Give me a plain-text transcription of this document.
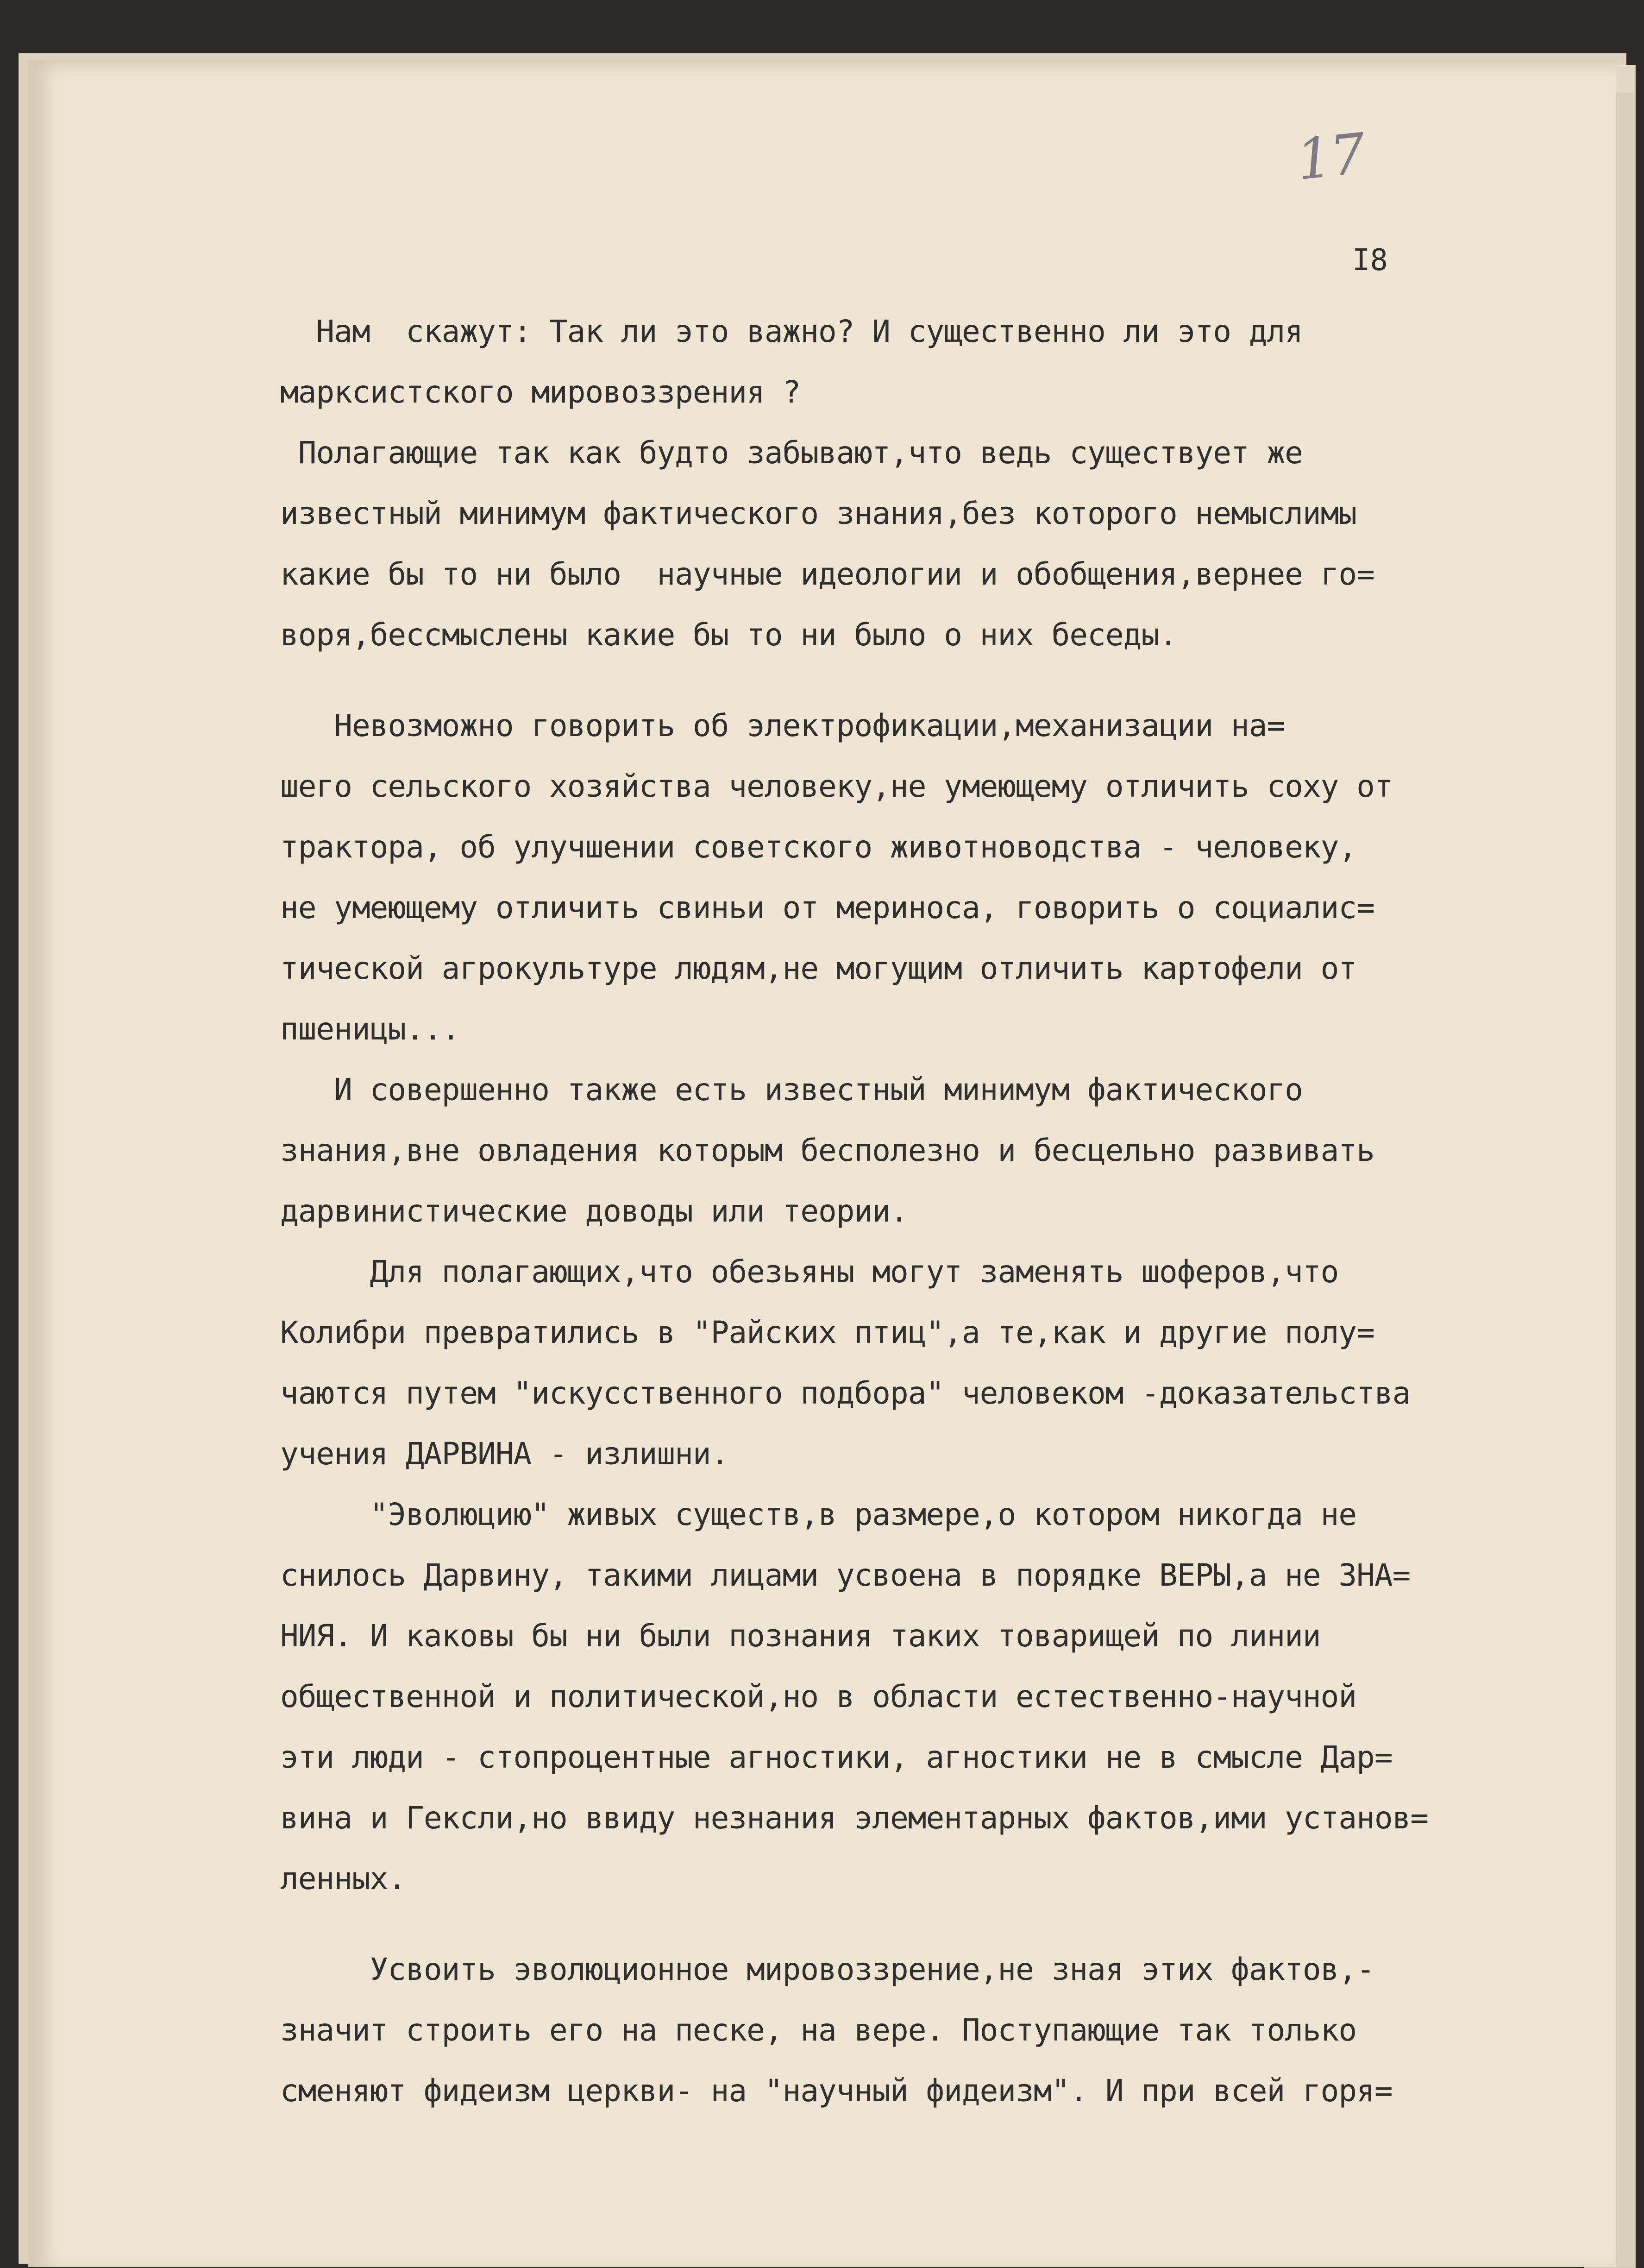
17
I8
Нам  скажут: Так ли это важно? И существенно ли это для
марксистского мировоззрения ?
Полагающие так как будто забывают,что ведь существует же
известный минимум фактического знания,без которого немыслимы
какие бы то ни было  научные идеологии и обобщения,вернее го=
воря,бессмыслены какие бы то ни было о них беседы.
Невозможно говорить об электрофикации,механизации на=
шего сельского хозяйства человеку,не умеющему отличить соху от
трактора, об улучшении советского животноводства - человеку,
не умеющему отличить свиньи от мериноса, говорить о социалис=
тической агрокультуре людям,не могущим отличить картофели от
пшеницы...
И совершенно также есть известный минимум фактического
знания,вне овладения которым бесполезно и бесцельно развивать
дарвинистические доводы или теории.
Для полагающих,что обезьяны могут заменять шоферов,что
Колибри превратились в "Райских птиц",а те,как и другие полу=
чаются путем "искусственного подбора" человеком -доказательства
учения ДАРВИНА - излишни.
"Эволюцию" живых существ,в размере,о котором никогда не
снилось Дарвину, такими лицами усвоена в порядке ВЕРЫ,а не ЗНА=
НИЯ. И каковы бы ни были познания таких товарищей по линии
общественной и политической,но в области естественно-научной
эти люди - стопроцентные агностики, агностики не в смысле Дар=
вина и Гексли,но ввиду незнания элементарных фактов,ими установ=
ленных.
Усвоить эволюционное мировоззрение,не зная этих фактов,-
значит строить его на песке, на вере. Поступающие так только
сменяют фидеизм церкви- на "научный фидеизм". И при всей горя=
